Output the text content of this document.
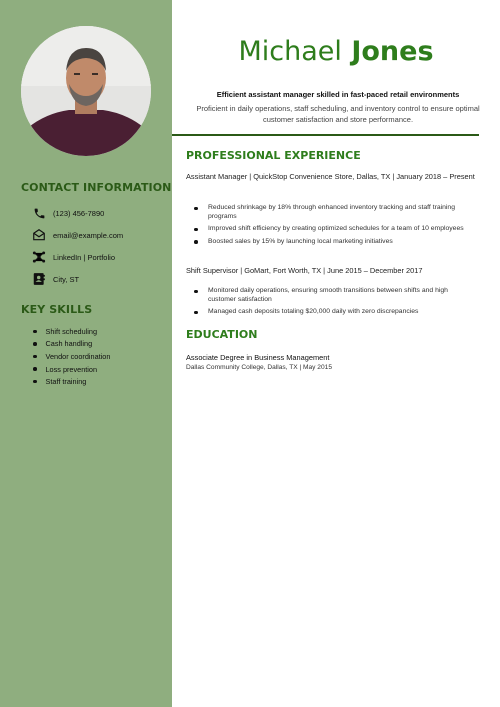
CONTACT INFORMATION
(123) 456-7890
email@example.com
LinkedIn | Portfolio
City, ST
KEY SKILLS
Shift scheduling
Cash handling
Vendor coordination
Loss prevention
Staff training
Michael Jones
Efficient assistant manager skilled in fast-paced retail environments
Proficient in daily operations, staff scheduling, and inventory control to ensure optimal customer satisfaction and store performance.
PROFESSIONAL EXPERIENCE
Assistant Manager | QuickStop Convenience Store, Dallas, TX | January 2018 – Present
Reduced shrinkage by 18% through enhanced inventory tracking and staff training programs
Improved shift efficiency by creating optimized schedules for a team of 10 employees
Boosted sales by 15% by launching local marketing initiatives
Shift Supervisor | GoMart, Fort Worth, TX | June 2015 – December 2017
Monitored daily operations, ensuring smooth transitions between shifts and high customer satisfaction
Managed cash deposits totaling $20,000 daily with zero discrepancies
EDUCATION
Associate Degree in Business Management
Dallas Community College, Dallas, TX | May 2015
